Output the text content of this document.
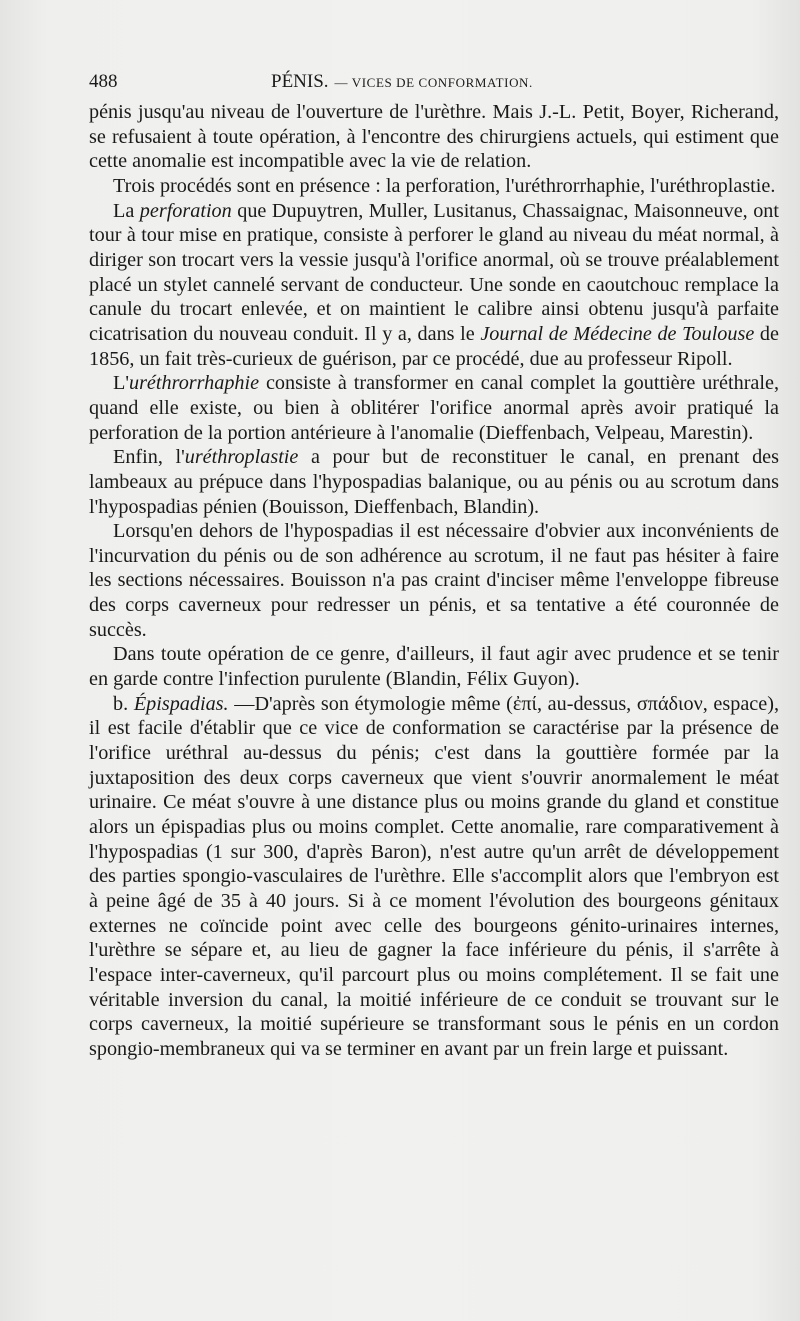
488	PÉNIS. — VICES DE CONFORMATION.

pénis jusqu'au niveau de l'ouverture de l'urèthre. Mais J.-L. Petit, Boyer, Richerand, se refusaient à toute opération, à l'encontre des chirurgiens actuels, qui estiment que cette anomalie est incompatible avec la vie de relation.

Trois procédés sont en présence : la perforation, l'uréthrorrhaphie, l'uréthroplastie.

La perforation que Dupuytren, Muller, Lusitanus, Chassaignac, Maisonneuve, ont tour à tour mise en pratique, consiste à perforer le gland au niveau du méat normal, à diriger son trocart vers la vessie jusqu'à l'orifice anormal, où se trouve préalablement placé un stylet cannelé servant de conducteur. Une sonde en caoutchouc remplace la canule du trocart enlevée, et on maintient le calibre ainsi obtenu jusqu'à parfaite cicatrisation du nouveau conduit. Il y a, dans le Journal de Médecine de Toulouse de 1856, un fait très-curieux de guérison, par ce procédé, due au professeur Ripoll.

L'uréthrorrhaphie consiste à transformer en canal complet la gouttière uréthrale, quand elle existe, ou bien à oblitérer l'orifice anormal après avoir pratiqué la perforation de la portion antérieure à l'anomalie (Dieffenbach, Velpeau, Marestin).

Enfin, l'uréthroplastie a pour but de reconstituer le canal, en prenant des lambeaux au prépuce dans l'hypospadias balanique, ou au pénis ou au scrotum dans l'hypospadias pénien (Bouisson, Dieffenbach, Blandin).

Lorsqu'en dehors de l'hypospadias il est nécessaire d'obvier aux inconvénients de l'incurvation du pénis ou de son adhérence au scrotum, il ne faut pas hésiter à faire les sections nécessaires. Bouisson n'a pas craint d'inciser même l'enveloppe fibreuse des corps caverneux pour redresser un pénis, et sa tentative a été couronnée de succès.

Dans toute opération de ce genre, d'ailleurs, il faut agir avec prudence et se tenir en garde contre l'infection purulente (Blandin, Félix Guyon).

b. Épispadias. —D'après son étymologie même (ἐπί, au-dessus, σπάδιον, espace), il est facile d'établir que ce vice de conformation se caractérise par la présence de l'orifice uréthral au-dessus du pénis; c'est dans la gouttière formée par la juxtaposition des deux corps caverneux que vient s'ouvrir anormalement le méat urinaire. Ce méat s'ouvre à une distance plus ou moins grande du gland et constitue alors un épispadias plus ou moins complet. Cette anomalie, rare comparativement à l'hypospadias (1 sur 300, d'après Baron), n'est autre qu'un arrêt de développement des parties spongio-vasculaires de l'urèthre. Elle s'accomplit alors que l'embryon est à peine âgé de 35 à 40 jours. Si à ce moment l'évolution des bourgeons génitaux externes ne coïncide point avec celle des bourgeons génito-urinaires internes, l'urèthre se sépare et, au lieu de gagner la face inférieure du pénis, il s'arrête à l'espace inter-caverneux, qu'il parcourt plus ou moins complétement. Il se fait une véritable inversion du canal, la moitié inférieure de ce conduit se trouvant sur le corps caverneux, la moitié supérieure se transformant sous le pénis en un cordon spongio-membraneux qui va se terminer en avant par un frein large et puissant.
